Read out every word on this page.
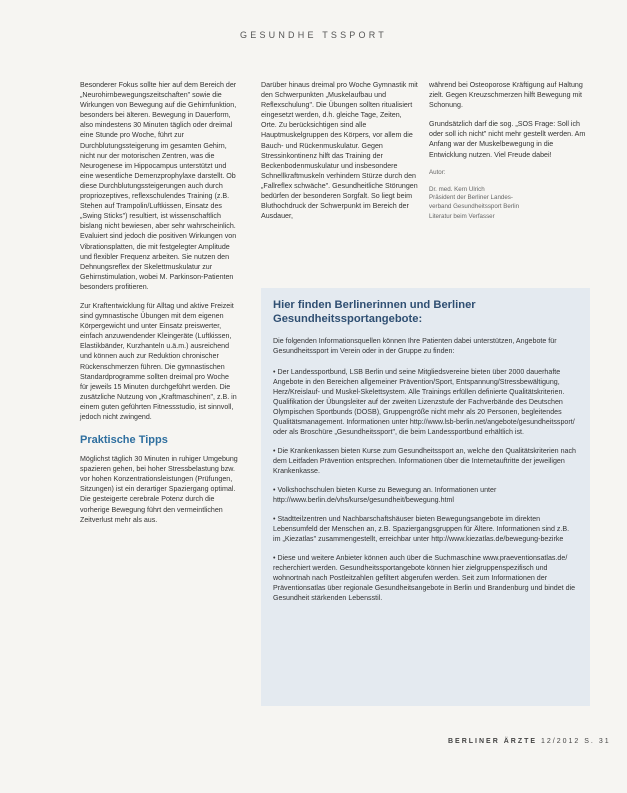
GESUNDHE TSSPORT

Besonderer Fokus sollte hier auf dem Bereich der „Neurohirnbewegungszeitschaften" sowie die Wirkungen von Bewegung auf die Gehirnfunktion, besonders bei älteren. Bewegung in Dauerform, also mindestens 30 Minuten täglich oder dreimal eine Stunde pro Woche, führt zur Durchblutungssteigerung im gesamten Gehirn, nicht nur der motorischen Zentren, was die Neurogenese im Hippocampus unterstützt und eine wesentliche Demenzprophylaxe darstellt. Ob diese Durchblutungssteigerungen auch durch propriozeptives, reflexschulendes Training (z.B. Stehen auf Trampolin/Luftkissen, Einsatz des „Swing Sticks") resultiert, ist wissenschaftlich bislang nicht bewiesen, aber sehr wahrscheinlich. Evaluiert sind jedoch die positiven Wirkungen von Vibrationsplatten, die mit festgelegter Amplitude und flexibler Frequenz arbeiten. Sie nutzen den Dehnungsreflex der Skelettmuskulatur zur Gehirnstimulation, wobei M. Parkinson-Patienten besonders profitieren.

Zur Kraftentwicklung für Alltag und aktive Freizeit sind gymnastische Übungen mit dem eigenen Körpergewicht und unter Einsatz preiswerter, einfach anzuwendender Kleingeräte (Luftkissen, Elastikbänder, Kurzhanteln u.ä.m.) ausreichend und können auch zur Reduktion chronischer Rückenschmerzen führen. Die gymnastischen Standardprogramme sollten dreimal pro Woche für jeweils 15 Minuten durchgeführt werden. Die zusätzliche Nutzung von „Kraftmaschinen", z.B. in einem guten geführten Fitnessstudio, ist sinnvoll, jedoch nicht zwingend.

Praktische Tipps

Möglichst täglich 30 Minuten in ruhiger Umgebung spazieren gehen, bei hoher Stressbelastung bzw. vor hohen Konzentrationsleistungen (Prüfungen, Sitzungen) ist ein derartiger Spaziergang optimal. Die gesteigerte cerebrale Potenz durch die vorherige Bewegung führt den vermeintlichen Zeitverlust mehr als aus.

Darüber hinaus dreimal pro Woche Gymnastik mit den Schwerpunkten „Muskelaufbau und Reflexschulung". Die Übungen sollten ritualisiert eingesetzt werden, d.h. gleiche Tage, Zeiten, Orte. Zu berücksichtigen sind alle Hauptmuskelgruppen des Körpers, vor allem die Bauch- und Rückenmuskulatur. Gegen Stressinkontinenz hilft das Training der Beckenbodenmuskulatur und insbesondere Schnellkraftmuskeln verhindern Stürze durch den „Fallreflex schwäche". Gesundheitliche Störungen bedürfen der besonderen Sorgfalt. So liegt beim Bluthochdruck der Schwerpunkt im Bereich der Ausdauer,

während bei Osteoporose Kräftigung auf Haltung zielt. Gegen Kreuzschmerzen hilft Bewegung mit Schonung.

Grundsätzlich darf die sog. „SOS Frage: Soll ich oder soll ich nicht" nicht mehr gestellt werden. Am Anfang war der Muskelbewegung in die Entwicklung nutzen. Viel Freude dabei!

Autor:

Dr. med. Kern Ulrich

Präsident der Berliner Landes-

verband Gesundheitssport Berlin

Literatur beim Verfasser

Hier finden Berlinerinnen und Berliner Gesundheitssportangebote:

Die folgenden Informationsquellen können Ihre Patienten dabei unterstützen, Angebote für Gesundheitssport im Verein oder in der Gruppe zu finden:

• Der Landessportbund, LSB Berlin und seine Mitgliedsvereine bieten über 2000 dauerhafte Angebote in den Bereichen allgemeiner Prävention/Sport, Entspannung/Stressbewältigung, Herz/Kreislauf- und Muskel-Skelettsystem. Alle Trainings erfüllen definierte Qualitätskriterien. Qualifikation der Übungsleiter auf der zweiten Lizenzstufe der Fachverbände des Deutschen Olympischen Sportbunds (DOSB), Gruppengröße nicht mehr als 20 Personen, begleitendes Qualitätsmanagement. Informationen unter http://www.lsb-berlin.net/angebote/gesundheitssport/ oder als Broschüre „Gesundheitssport", die beim Landessportbund erhältlich ist.

• Die Krankenkassen bieten Kurse zum Gesundheitssport an, welche den Qualitätskriterien nach dem Leitfaden Prävention entsprechen. Informationen über die Internetauftritte der jeweiligen Krankenkasse.

• Volkshochschulen bieten Kurse zu Bewegung an. Informationen unter http://www.berlin.de/vhs/kurse/gesundheit/bewegung.html

• Stadtteilzentren und Nachbarschaftshäuser bieten Bewegungsangebote im direkten Lebensumfeld der Menschen an, z.B. Spaziergangsgruppen für Ältere. Informationen sind z.B. im „Kiezatlas" zusammengestellt, erreichbar unter http://www.kiezatlas.de/bewegung-bezirke

• Diese und weitere Anbieter können auch über die Suchmaschine www.praeventionsatlas.de/ recherchiert werden. Gesundheitssportangebote können hier zielgruppenspezifisch und wohnortnah nach Postleitzahlen gefiltert abgerufen werden. Seit zum Informationen der Präventionsatlas über regionale Gesundheitsangebote in Berlin und Brandenburg und bindet die Gesundheit stärkenden Lebensstil.

BERLINER ÄRZTE 12/2012 S. 31
